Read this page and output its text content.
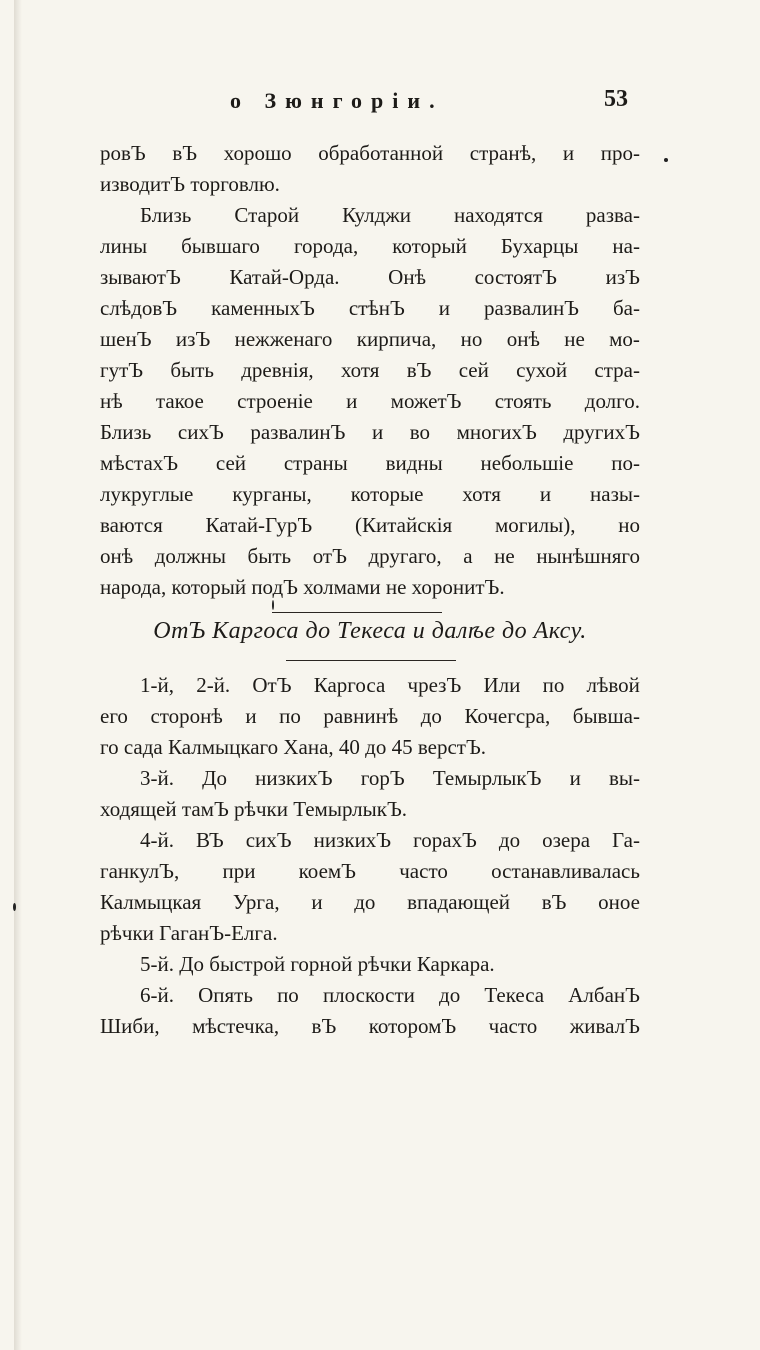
о Зюнгоріи.	53
ровЪ вЪ хорошо обработанной странѣ, и про-
изводитЪ торговлю.
Близь Старой Кулджи находятся разва-
лины бывшаго города, который Бухарцы на-
зываютЪ Катай-Орда. Онѣ состоятЪ изЪ
слѣдовЪ каменныхЪ стѣнЪ и развалинЪ ба-
шенЪ изЪ нежженаго кирпича, но онѣ не мо-
гутЪ быть древнія, хотя вЪ сей сухой стра-
нѣ такое строеніе и можетЪ стоять долго.
Близь сихЪ развалинЪ и во многихЪ другихЪ
мѣстахЪ сей страны видны небольшіе по-
лукруглые курганы, которые хотя и назы-
ваются Катай-ГурЪ (Китайскія могилы), но
онѣ должны быть отЪ другаго, а не нынѣшняго
народа, который подЪ холмами не хоронитЪ.
ОтЪ Каргоса до Текеса и далѣе до Аксу.
1-й, 2-й. ОтЪ Каргоса чрезЪ Или по лѣвой
его сторонѣ и по равнинѣ до Кочегсра, бывша-
го сада Калмыцкаго Хана, 40 до 45 верстЪ.
3-й. До низкихЪ горЪ ТемырлыкЪ и вы-
ходящей тамЪ рѣчки ТемырлыкЪ.
4-й. ВЪ сихЪ низкихЪ горахЪ до озера Га-
ганкулЪ, при коемЪ часто останавливалась
Калмыцкая Урга, и до впадающей вЪ оное
рѣчки ГаганЪ-Елга.
5-й. До быстрой горной рѣчки Каркара.
6-й. Опять по плоскости до Текеса АлбанЪ
Шиби, мѣстечка, вЪ которомЪ часто живалЪ
